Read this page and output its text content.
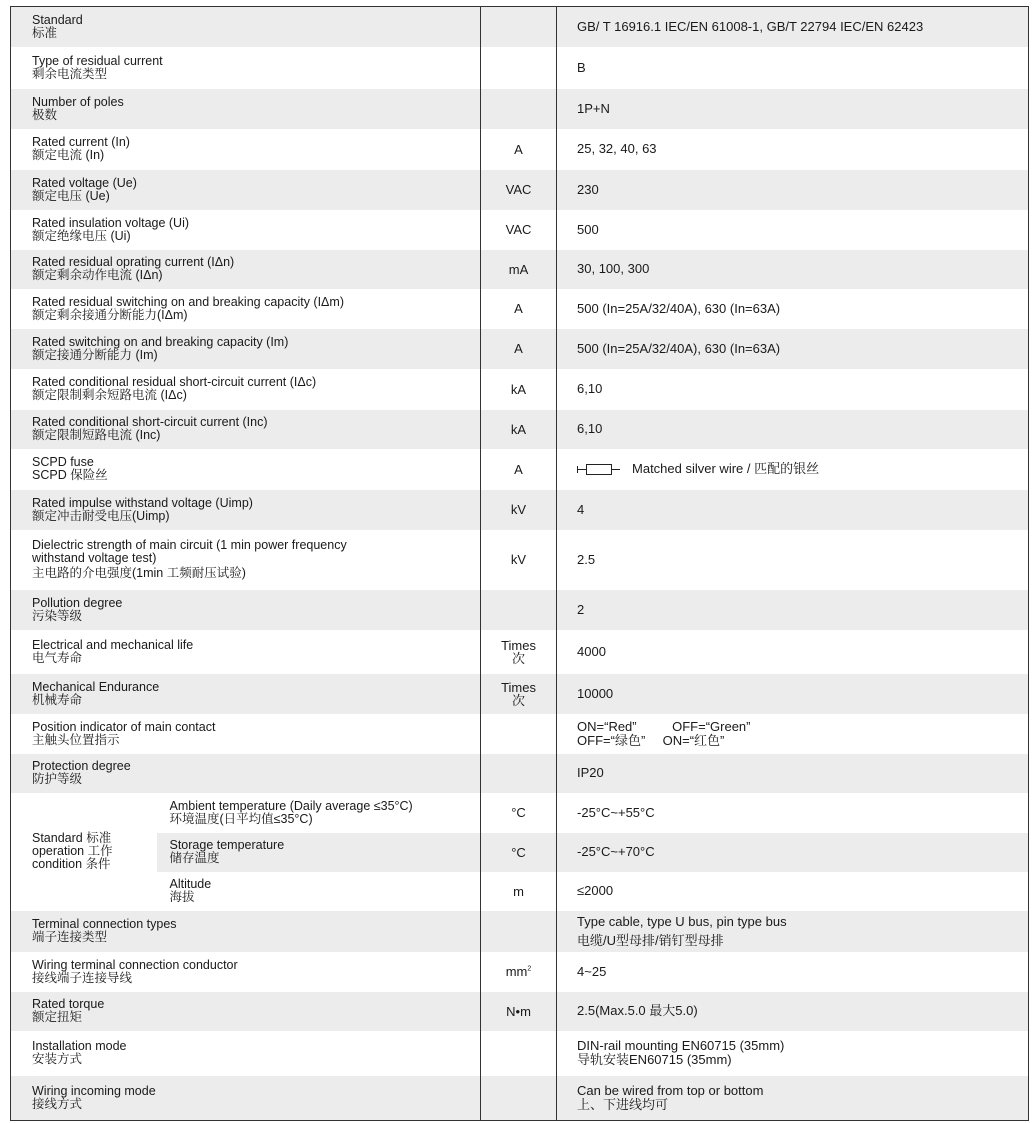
Standard
标准			GB/ T 16916.1 IEC/EN 61008-1, GB/T 22794 IEC/EN 62423

Type of residual current
剩余电流类型			B

Number of poles
极数			1P+N

Rated current (In)
额定电流 (In)		A	25, 32, 40, 63

Rated voltage (Ue)
额定电压 (Ue)		VAC	230

Rated insulation voltage (Ui)
额定绝缘电压 (Ui)		VAC	500

Rated residual oprating current (IΔn)
额定剩余动作电流 (IΔn)		mA	30, 100, 300

Rated residual switching on and breaking capacity (IΔm)
额定剩余接通分断能力(IΔm)		A	500 (In=25A/32/40A), 630 (In=63A)

Rated switching on and breaking capacity (Im)
额定接通分断能力 (Im)		A	500 (In=25A/32/40A), 630 (In=63A)

Rated conditional residual short-circuit current (IΔc)
额定限制剩余短路电流 (IΔc)		kA	6,10

Rated conditional short-circuit current (Inc)
额定限制短路电流 (Inc)		kA	6,10

SCPD fuse
SCPD 保险丝		A	Matched silver wire / 匹配的银丝

Rated impulse withstand voltage (Uimp)
额定冲击耐受电压(Uimp)		kV	4

Dielectric strength of main circuit (1 min power frequency
withstand voltage test)
主电路的介电强度(1min 工频耐压试验)		kV	2.5

Pollution degree
污染等级			2

Electrical and mechanical life
电气寿命		Times
次	4000

Mechanical Endurance
机械寿命		Times
次	10000

Position indicator of main contact
主触头位置指示			ON=“Red” OFF=“Green”
OFF=“绿色” ON=“红色”

Protection degree
防护等级			IP20

Standard 标准
operation 工作
condition 条件	Ambient temperature (Daily average ≤35°C)
环境温度(日平均值≤35°C)	°C	-25°C~+55°C

	Storage temperature
储存温度	°C	-25°C~+70°C

	Altitude
海拔	m	≤2000

Terminal connection types
端子连接类型			Type cable, type U bus, pin type bus
电缆/U型母排/销钉型母排

Wiring terminal connection conductor
接线端子连接导线		$mm^2$	4~25

Rated torque
额定扭矩		N•m	2.5(Max.5.0 最大5.0)

Installation mode
安装方式			DIN-rail mounting EN60715 (35mm)
导轨安装EN60715 (35mm)

Wiring incoming mode
接线方式			Can be wired from top or bottom
上、下进线均可
